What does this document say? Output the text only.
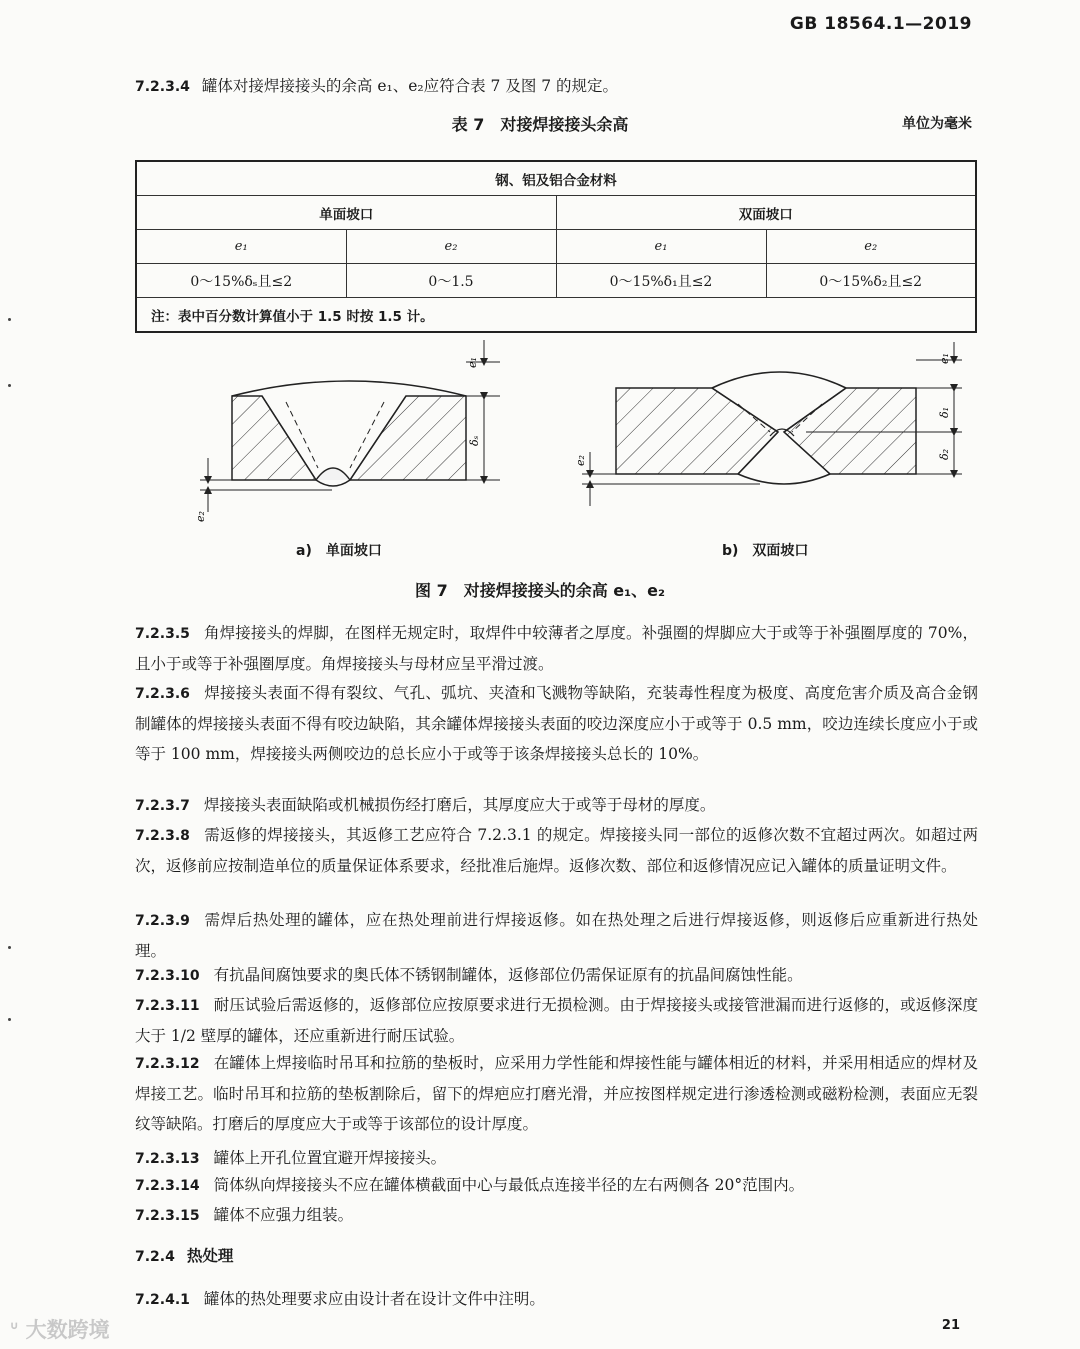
GB 18564.1—2019
7.2.3.4 罐体对接焊接接头的余高 e₁、e₂应符合表 7 及图 7 的规定。
表 7　对接焊接接头余高	单位为毫米
钢、铝及铝合金材料			
单面坡口		双面坡口	
e₁	e₂	e₁	e₂
0～15%δₛ且≤2	0～1.5	0～15%δ₁且≤2	0～15%δ₂且≤2
注：表中百分数计算值小于 1.5 时按 1.5 计。			
e₁
δₛ
e₂
e₁
δ₁
δ₂
e₂
a)　单面坡口	b)　双面坡口
图 7　对接焊接接头的余高 e₁、e₂
7.2.3.5 角焊接接头的焊脚，在图样无规定时，取焊件中较薄者之厚度。补强圈的焊脚应大于或等于补强圈厚度的 70%，且小于或等于补强圈厚度。角焊接接头与母材应呈平滑过渡。
7.2.3.6 焊接接头表面不得有裂纹、气孔、弧坑、夹渣和飞溅物等缺陷，充装毒性程度为极度、高度危害介质及高合金钢制罐体的焊接接头表面不得有咬边缺陷，其余罐体焊接接头表面的咬边深度应小于或等于 0.5 mm，咬边连续长度应小于或等于 100 mm，焊接接头两侧咬边的总长应小于或等于该条焊接接头总长的 10%。
7.2.3.7 焊接接头表面缺陷或机械损伤经打磨后，其厚度应大于或等于母材的厚度。
7.2.3.8 需返修的焊接接头，其返修工艺应符合 7.2.3.1 的规定。焊接接头同一部位的返修次数不宜超过两次。如超过两次，返修前应按制造单位的质量保证体系要求，经批准后施焊。返修次数、部位和返修情况应记入罐体的质量证明文件。
7.2.3.9 需焊后热处理的罐体，应在热处理前进行焊接返修。如在热处理之后进行焊接返修，则返修后应重新进行热处理。
7.2.3.10 有抗晶间腐蚀要求的奥氏体不锈钢制罐体，返修部位仍需保证原有的抗晶间腐蚀性能。
7.2.3.11 耐压试验后需返修的，返修部位应按原要求进行无损检测。由于焊接接头或接管泄漏而进行返修的，或返修深度大于 1/2 壁厚的罐体，还应重新进行耐压试验。
7.2.3.12 在罐体上焊接临时吊耳和拉筋的垫板时，应采用力学性能和焊接性能与罐体相近的材料，并采用相适应的焊材及焊接工艺。临时吊耳和拉筋的垫板割除后，留下的焊疤应打磨光滑，并应按图样规定进行渗透检测或磁粉检测，表面应无裂纹等缺陷。打磨后的厚度应大于或等于该部位的设计厚度。
7.2.3.13 罐体上开孔位置宜避开焊接接头。
7.2.3.14 筒体纵向焊接接头不应在罐体横截面中心与最低点连接半径的左右两侧各 20°范围内。
7.2.3.15 罐体不应强力组装。
7.2.4 热处理
7.2.4.1 罐体的热处理要求应由设计者在设计文件中注明。
ᐡ 大数跨境	21
